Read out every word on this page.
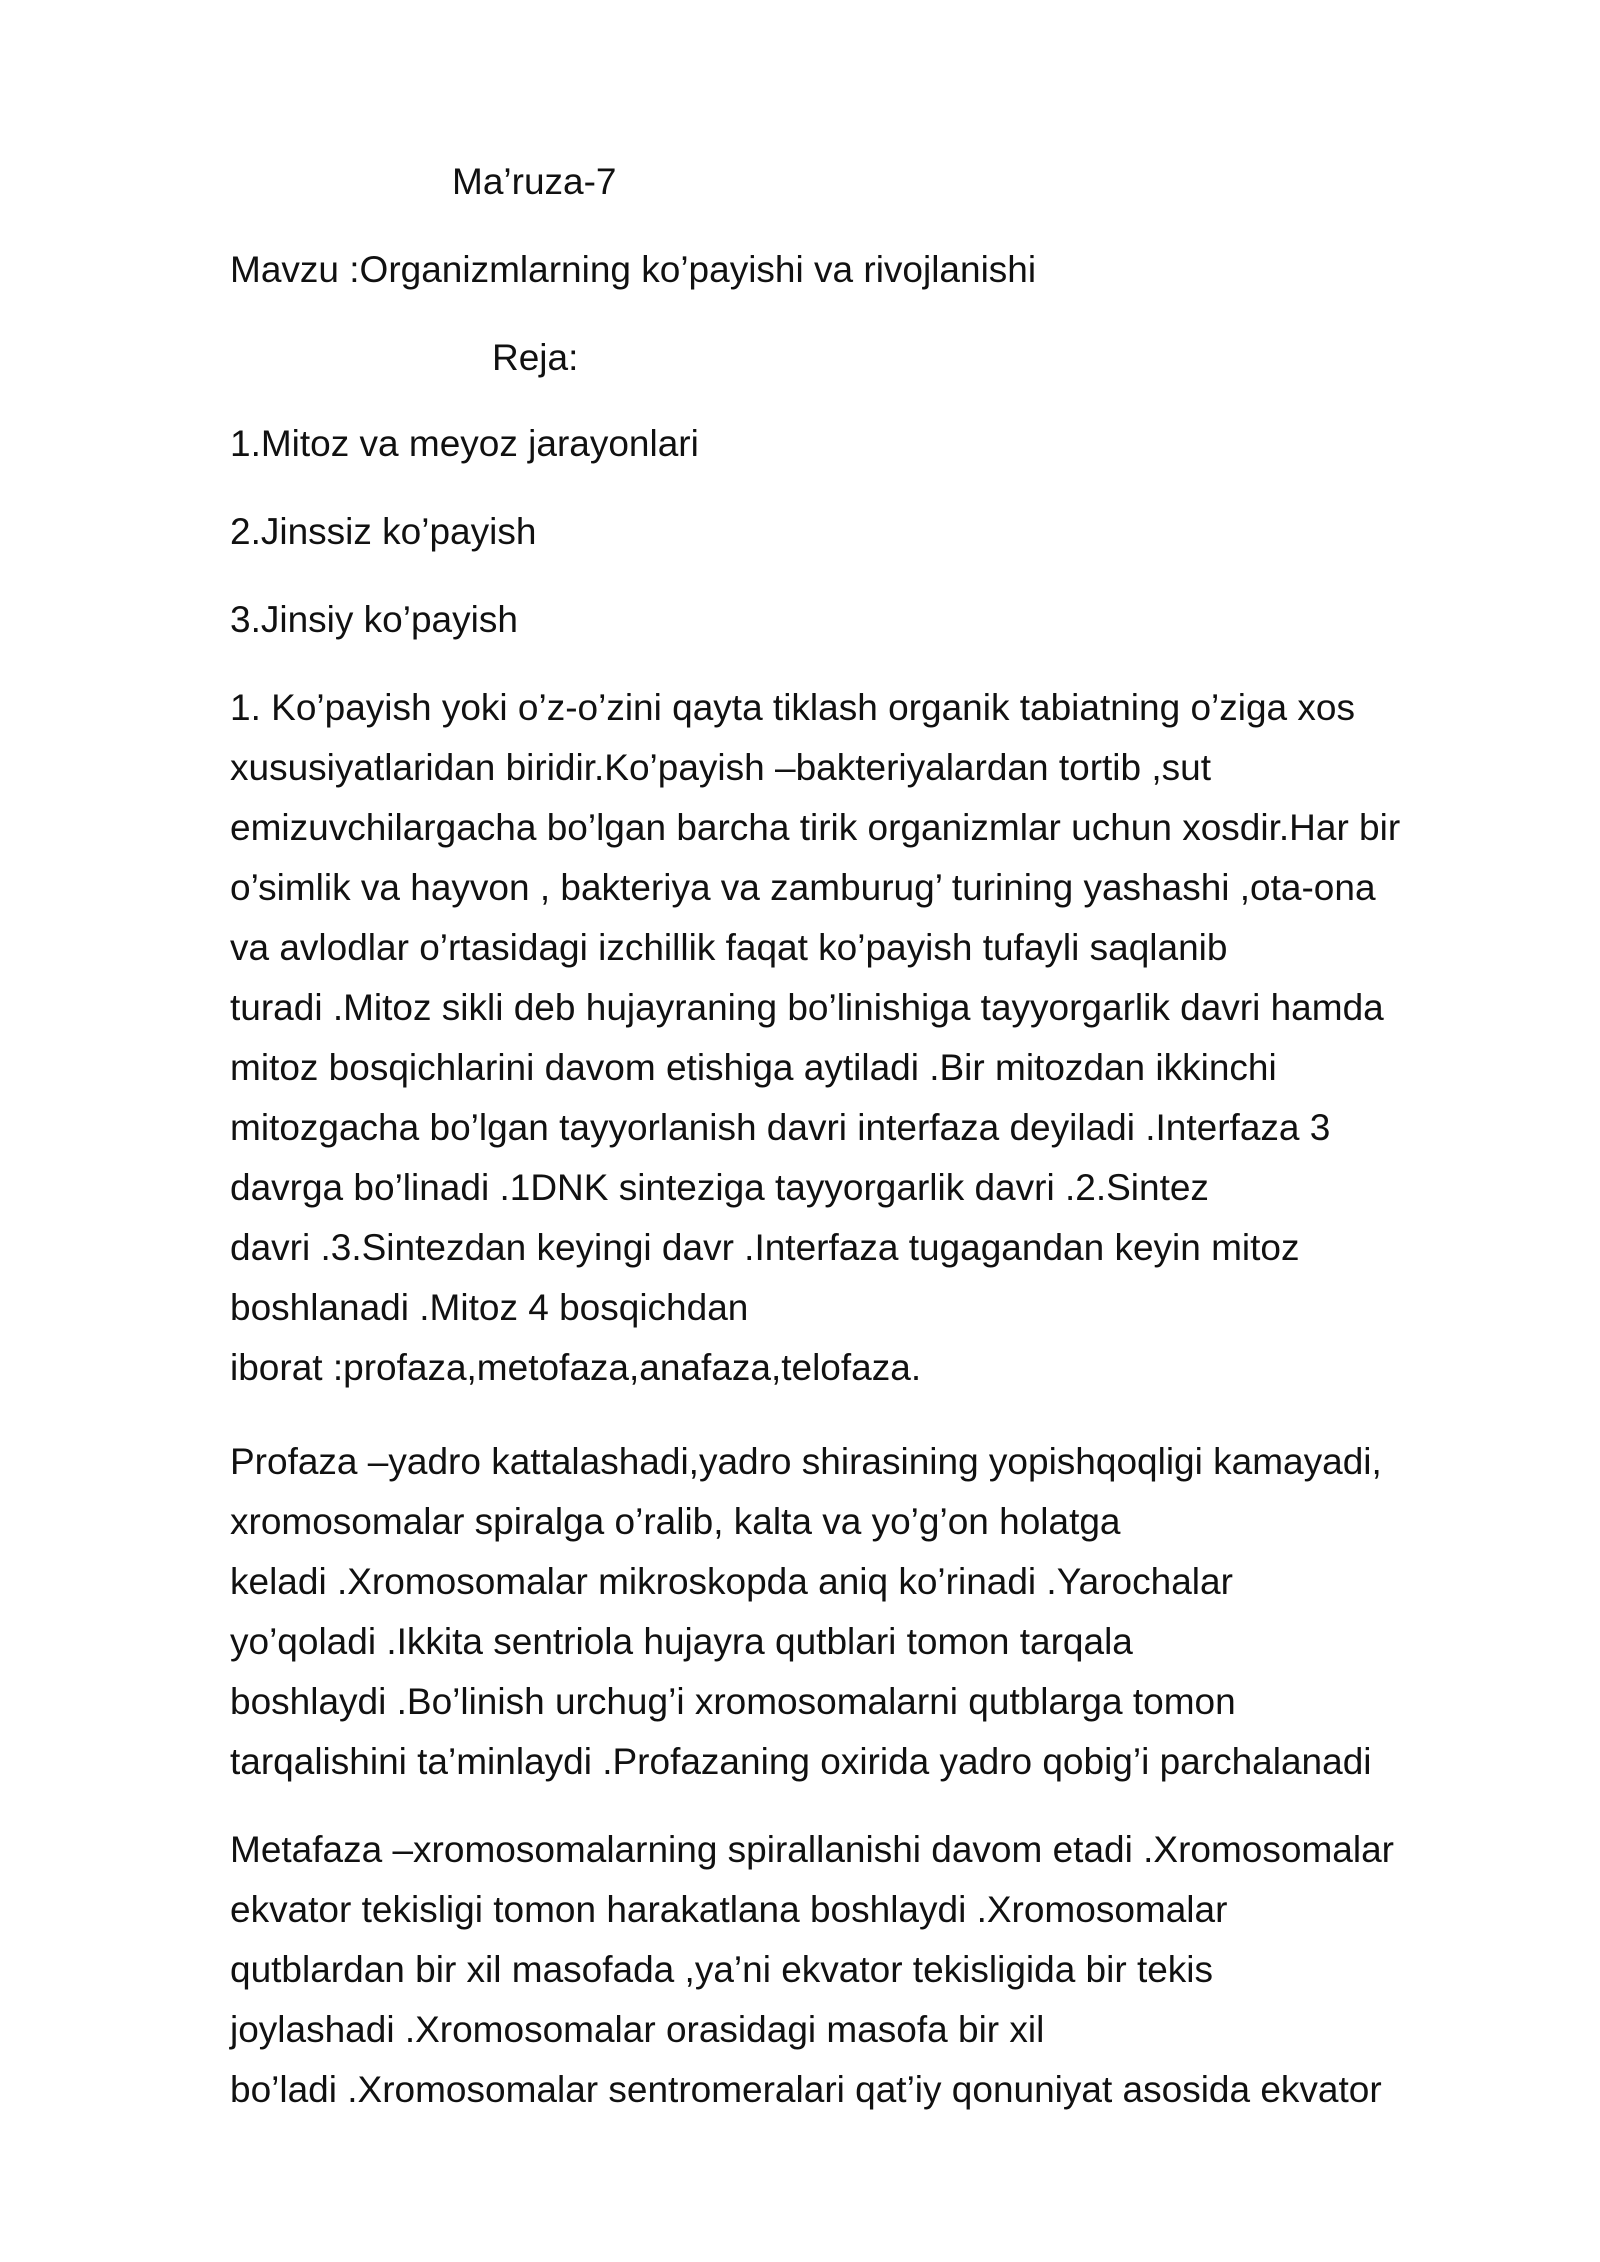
Ma’ruza-7

Mavzu :Organizmlarning ko’payishi va rivojlanishi

Reja:

1.Mitoz va meyoz jarayonlari

2.Jinssiz ko’payish

3.Jinsiy ko’payish

1. Ko’payish yoki o’z-o’zini qayta tiklash organik tabiatning o’ziga xos
xususiyatlaridan biridir.Ko’payish –bakteriyalardan tortib ,sut
emizuvchilargacha bo’lgan barcha tirik organizmlar uchun xosdir.Har bir
o’simlik va hayvon , bakteriya va zamburug’ turining yashashi ,ota-ona
va avlodlar o’rtasidagi izchillik faqat ko’payish tufayli saqlanib
turadi .Mitoz sikli deb hujayraning bo’linishiga tayyorgarlik davri hamda
mitoz bosqichlarini davom etishiga aytiladi .Bir mitozdan ikkinchi
mitozgacha bo’lgan tayyorlanish davri interfaza deyiladi .Interfaza 3
davrga bo’linadi .1DNK sinteziga tayyorgarlik davri .2.Sintez
davri .3.Sintezdan keyingi davr .Interfaza tugagandan keyin mitoz
boshlanadi .Mitoz 4 bosqichdan
iborat :profaza,metofaza,anafaza,telofaza.
Profaza –yadro kattalashadi,yadro shirasining yopishqoqligi kamayadi,
xromosomalar spiralga o’ralib, kalta va yo’g’on holatga
keladi .Xromosomalar mikroskopda aniq ko’rinadi .Yarochalar
yo’qoladi .Ikkita sentriola hujayra qutblari tomon tarqala
boshlaydi .Bo’linish urchug’i xromosomalarni qutblarga tomon
tarqalishini ta’minlaydi .Profazaning oxirida yadro qobig’i parchalanadi
Metafaza –xromosomalarning spirallanishi davom etadi .Xromosomalar
ekvator tekisligi tomon harakatlana boshlaydi .Xromosomalar
qutblardan bir xil masofada ,ya’ni ekvator tekisligida bir tekis
joylashadi .Xromosomalar orasidagi masofa bir xil
bo’ladi .Xromosomalar sentromeralari qat’iy qonuniyat asosida ekvator
